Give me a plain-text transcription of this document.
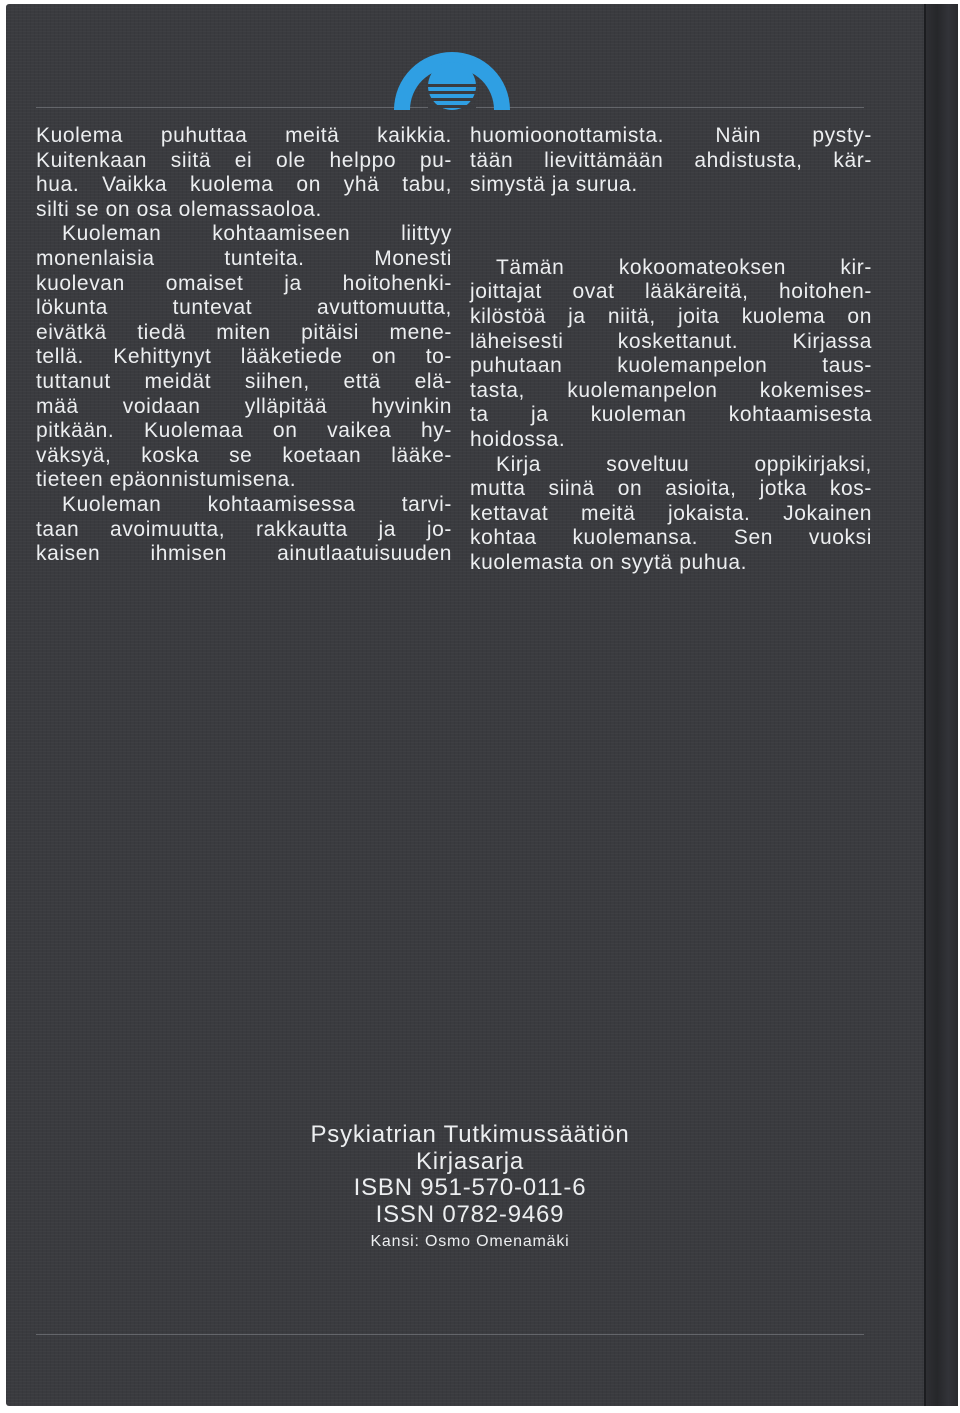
Kuolema puhuttaa meitä kaikkia.
Kuitenkaan siitä ei ole helppo pu-
hua. Vaikka kuolema on yhä tabu,
silti se on osa olemassaoloa.
Kuoleman kohtaamiseen liittyy
monenlaisia tunteita. Monesti
kuolevan omaiset ja hoitohenki-
lökunta tuntevat avuttomuutta,
eivätkä tiedä miten pitäisi mene-
tellä. Kehittynyt lääketiede on to-
tuttanut meidät siihen, että elä-
mää voidaan ylläpitää hyvinkin
pitkään. Kuolemaa on vaikea hy-
väksyä, koska se koetaan lääke-
tieteen epäonnistumisena.
Kuoleman kohtaamisessa tarvi-
taan avoimuutta, rakkautta ja jo-
kaisen ihmisen ainutlaatuisuuden
huomioonottamista. Näin pysty-
tään lievittämään ahdistusta, kär-
simystä ja surua.
Tämän kokoomateoksen kir-
joittajat ovat lääkäreitä, hoitohen-
kilöstöä ja niitä, joita kuolema on
läheisesti koskettanut. Kirjassa
puhutaan kuolemanpelon taus-
tasta, kuolemanpelon kokemises-
ta ja kuoleman kohtaamisesta
hoidossa.
Kirja soveltuu oppikirjaksi,
mutta siinä on asioita, jotka kos-
kettavat meitä jokaista. Jokainen
kohtaa kuolemansa. Sen vuoksi
kuolemasta on syytä puhua.
Psykiatrian Tutkimussäätiön
Kirjasarja
ISBN 951-570-011-6
ISSN 0782-9469
Kansi: Osmo Omenamäki
